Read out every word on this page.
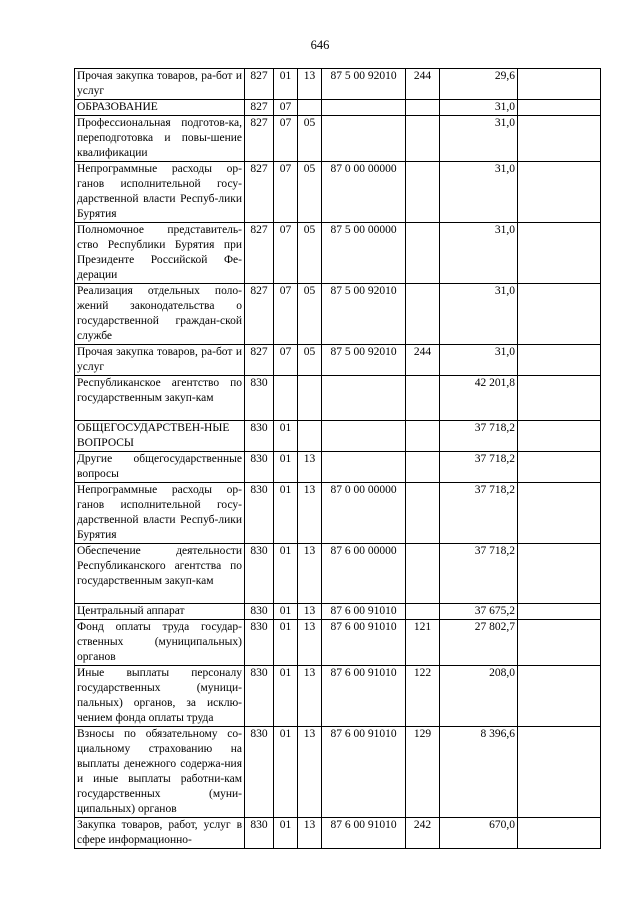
646
Прочая закупка товаров, ра-бот и услуг	827	01	13	87 5 00 92010	244	29,6	
ОБРАЗОВАНИЕ	827	07				31,0	
Профессиональная подготов-ка, переподготовка и повы-шение квалификации	827	07	05			31,0	
Непрограммные расходы ор-ганов исполнительной госу-дарственной власти Респуб-лики Бурятия	827	07	05	87 0 00 00000		31,0	
Полномочное представитель-ство Республики Бурятия при Президенте Российской Фе-дерации	827	07	05	87 5 00 00000		31,0	
Реализация отдельных поло-жений законодательства о государственной граждан-ской службе	827	07	05	87 5 00 92010		31,0	
Прочая закупка товаров, ра-бот и услуг	827	07	05	87 5 00 92010	244	31,0	
Республиканское агентство по государственным закуп-кам	830					42 201,8	
ОБЩЕГОСУДАРСТВЕН-НЫЕ ВОПРОСЫ	830	01				37 718,2	
Другие общегосударственные вопросы	830	01	13			37 718,2	
Непрограммные расходы ор-ганов исполнительной госу-дарственной власти Респуб-лики Бурятия	830	01	13	87 0 00 00000		37 718,2	
Обеспечение деятельности Республиканского агентства по государственным закуп-кам	830	01	13	87 6 00 00000		37 718,2	
Центральный аппарат	830	01	13	87 6 00 91010		37 675,2	
Фонд оплаты труда государ-ственных (муниципальных) органов	830	01	13	87 6 00 91010	121	27 802,7	
Иные выплаты персоналу государственных (муници-пальных) органов, за исклю-чением фонда оплаты труда	830	01	13	87 6 00 91010	122	208,0	
Взносы по обязательному со-циальному страхованию на выплаты денежного содержа-ния и иные выплаты работни-кам государственных (муни-ципальных) органов	830	01	13	87 6 00 91010	129	8 396,6	
Закупка товаров, работ, услуг в сфере информационно-	830	01	13	87 6 00 91010	242	670,0	
